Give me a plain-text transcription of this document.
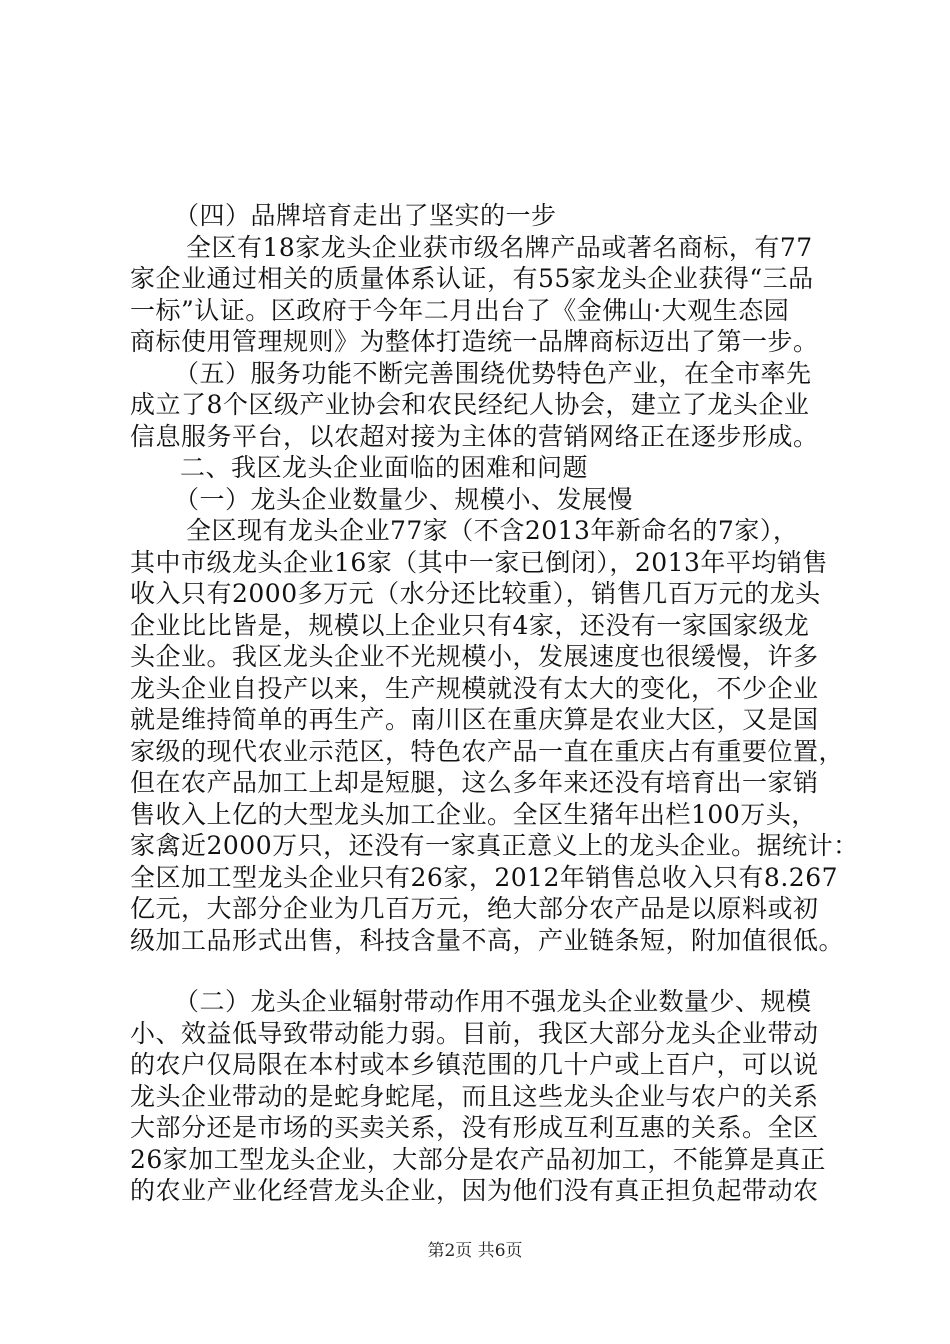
（四）品牌培育走出了坚实的一步
全区有18家龙头企业获市级名牌产品或著名商标，有77
家企业通过相关的质量体系认证，有55家龙头企业获得“三品
一标”认证。区政府于今年二月出台了《金佛山·大观生态园
商标使用管理规则》为整体打造统一品牌商标迈出了第一步。
（五）服务功能不断完善围绕优势特色产业，在全市率先
成立了8个区级产业协会和农民经纪人协会，建立了龙头企业
信息服务平台，以农超对接为主体的营销网络正在逐步形成。
二、我区龙头企业面临的困难和问题
（一）龙头企业数量少、规模小、发展慢
全区现有龙头企业77家（不含2013年新命名的7家），
其中市级龙头企业16家（其中一家已倒闭），2013年平均销售
收入只有2000多万元（水分还比较重），销售几百万元的龙头
企业比比皆是，规模以上企业只有4家，还没有一家国家级龙
头企业。我区龙头企业不光规模小，发展速度也很缓慢，许多
龙头企业自投产以来，生产规模就没有太大的变化，不少企业
就是维持简单的再生产。南川区在重庆算是农业大区，又是国
家级的现代农业示范区，特色农产品一直在重庆占有重要位置，
但在农产品加工上却是短腿，这么多年来还没有培育出一家销
售收入上亿的大型龙头加工企业。全区生猪年出栏100万头，
家禽近2000万只，还没有一家真正意义上的龙头企业。据统计：
全区加工型龙头企业只有26家，2012年销售总收入只有8.267
亿元，大部分企业为几百万元，绝大部分农产品是以原料或初
级加工品形式出售，科技含量不高，产业链条短，附加值很低。
（二）龙头企业辐射带动作用不强龙头企业数量少、规模
小、效益低导致带动能力弱。目前，我区大部分龙头企业带动
的农户仅局限在本村或本乡镇范围的几十户或上百户，可以说
龙头企业带动的是蛇身蛇尾，而且这些龙头企业与农户的关系
大部分还是市场的买卖关系，没有形成互利互惠的关系。全区
26家加工型龙头企业，大部分是农产品初加工，不能算是真正
的农业产业化经营龙头企业，因为他们没有真正担负起带动农
第2页 共6页
